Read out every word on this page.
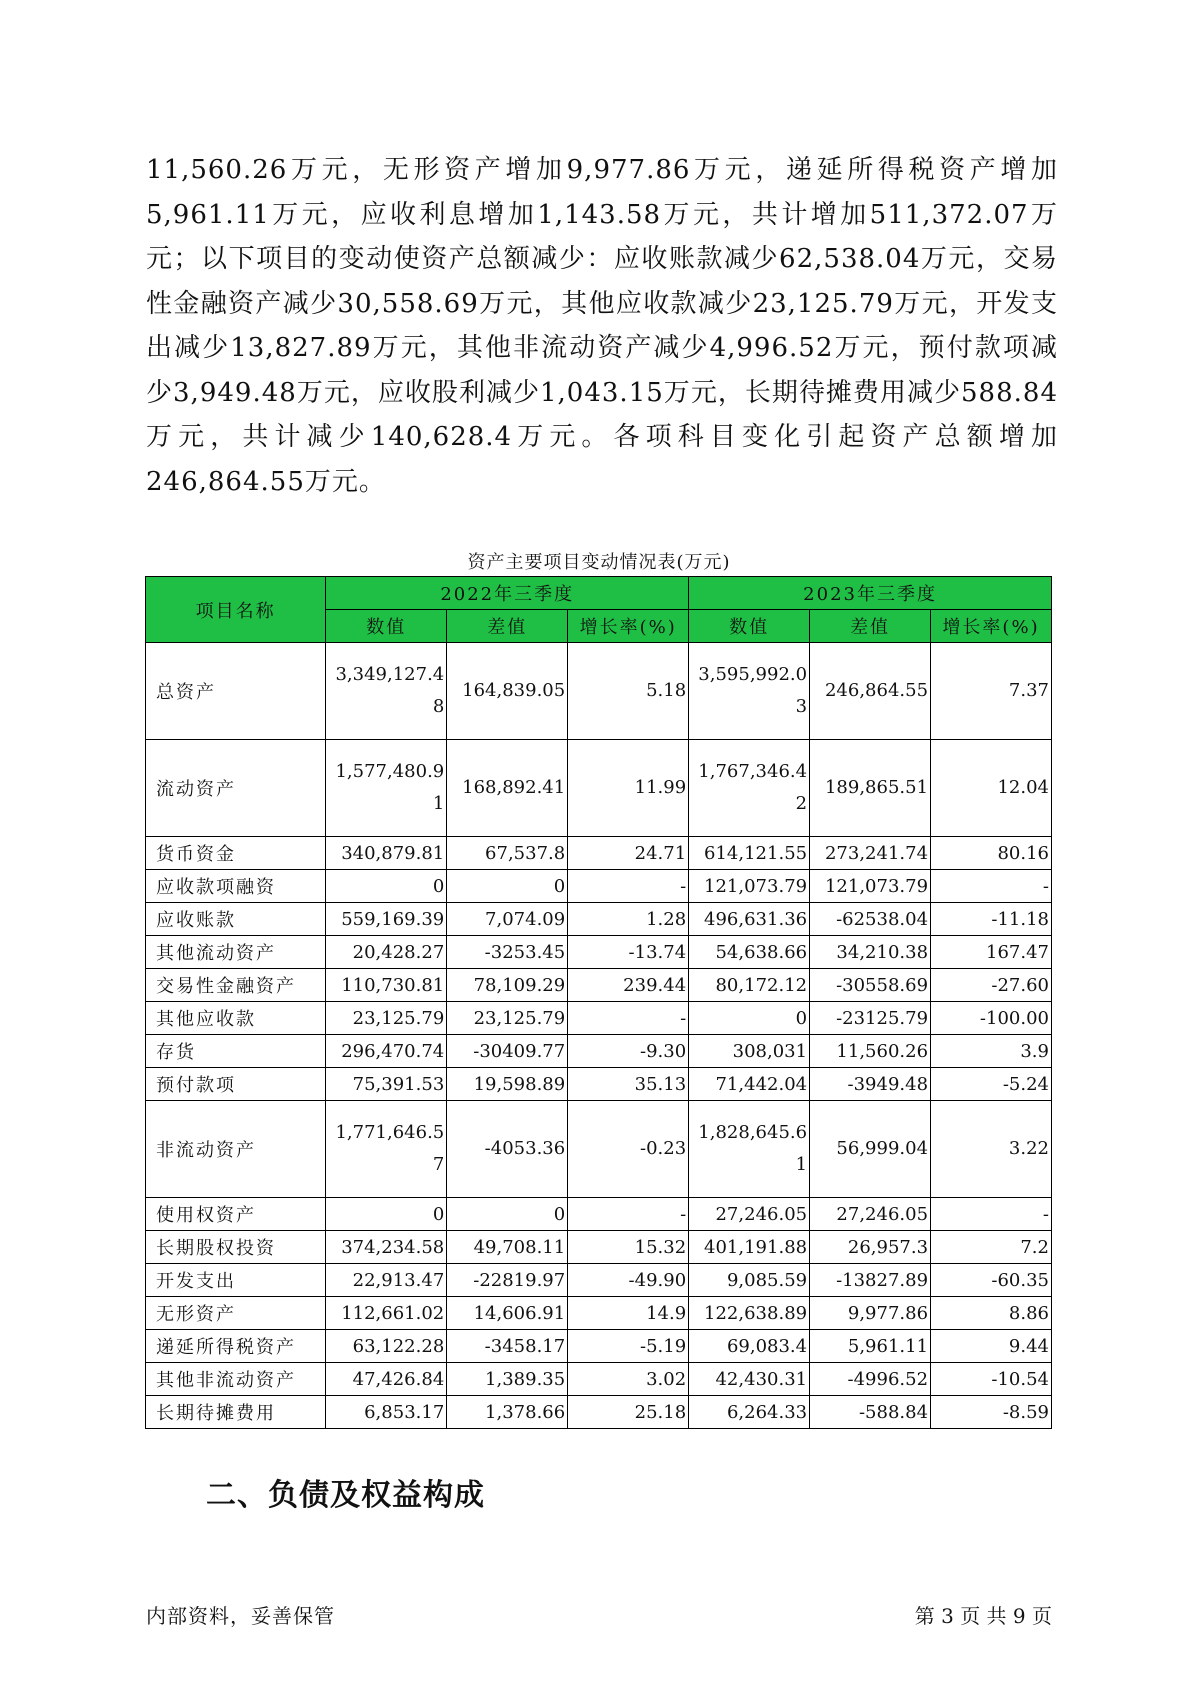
11,560.26万元，无形资产增加9,977.86万元，递延所得税资产增加5,961.11万元，应收利息增加1,143.58万元，共计增加511,372.07万元；以下项目的变动使资产总额减少：应收账款减少62,538.04万元，交易性金融资产减少30,558.69万元，其他应收款减少23,125.79万元，开发支出减少13,827.89万元，其他非流动资产减少4,996.52万元，预付款项减少3,949.48万元，应收股利减少1,043.15万元，长期待摊费用减少588.84万元，共计减少140,628.4万元。各项科目变化引起资产总额增加246,864.55万元。

资产主要项目变动情况表(万元)
项目名称	2022年三季度			2023年三季度		
	数值	差值	增长率(%)	数值	差值	增长率(%)
总资产	3,349,127.48	164,839.05	5.18	3,595,992.03	246,864.55	7.37
流动资产	1,577,480.91	168,892.41	11.99	1,767,346.42	189,865.51	12.04
货币资金	340,879.81	67,537.8	24.71	614,121.55	273,241.74	80.16
应收款项融资	0	0	-	121,073.79	121,073.79	-
应收账款	559,169.39	7,074.09	1.28	496,631.36	-62538.04	-11.18
其他流动资产	20,428.27	-3253.45	-13.74	54,638.66	34,210.38	167.47
交易性金融资产	110,730.81	78,109.29	239.44	80,172.12	-30558.69	-27.60
其他应收款	23,125.79	23,125.79	-	0	-23125.79	-100.00
存货	296,470.74	-30409.77	-9.30	308,031	11,560.26	3.9
预付款项	75,391.53	19,598.89	35.13	71,442.04	-3949.48	-5.24
非流动资产	1,771,646.57	-4053.36	-0.23	1,828,645.61	56,999.04	3.22
使用权资产	0	0	-	27,246.05	27,246.05	-
长期股权投资	374,234.58	49,708.11	15.32	401,191.88	26,957.3	7.2
开发支出	22,913.47	-22819.97	-49.90	9,085.59	-13827.89	-60.35
无形资产	112,661.02	14,606.91	14.9	122,638.89	9,977.86	8.86
递延所得税资产	63,122.28	-3458.17	-5.19	69,083.4	5,961.11	9.44
其他非流动资产	47,426.84	1,389.35	3.02	42,430.31	-4996.52	-10.54
长期待摊费用	6,853.17	1,378.66	25.18	6,264.33	-588.84	-8.59
二、负债及权益构成
内部资料，妥善保管	第 3 页 共 9 页
